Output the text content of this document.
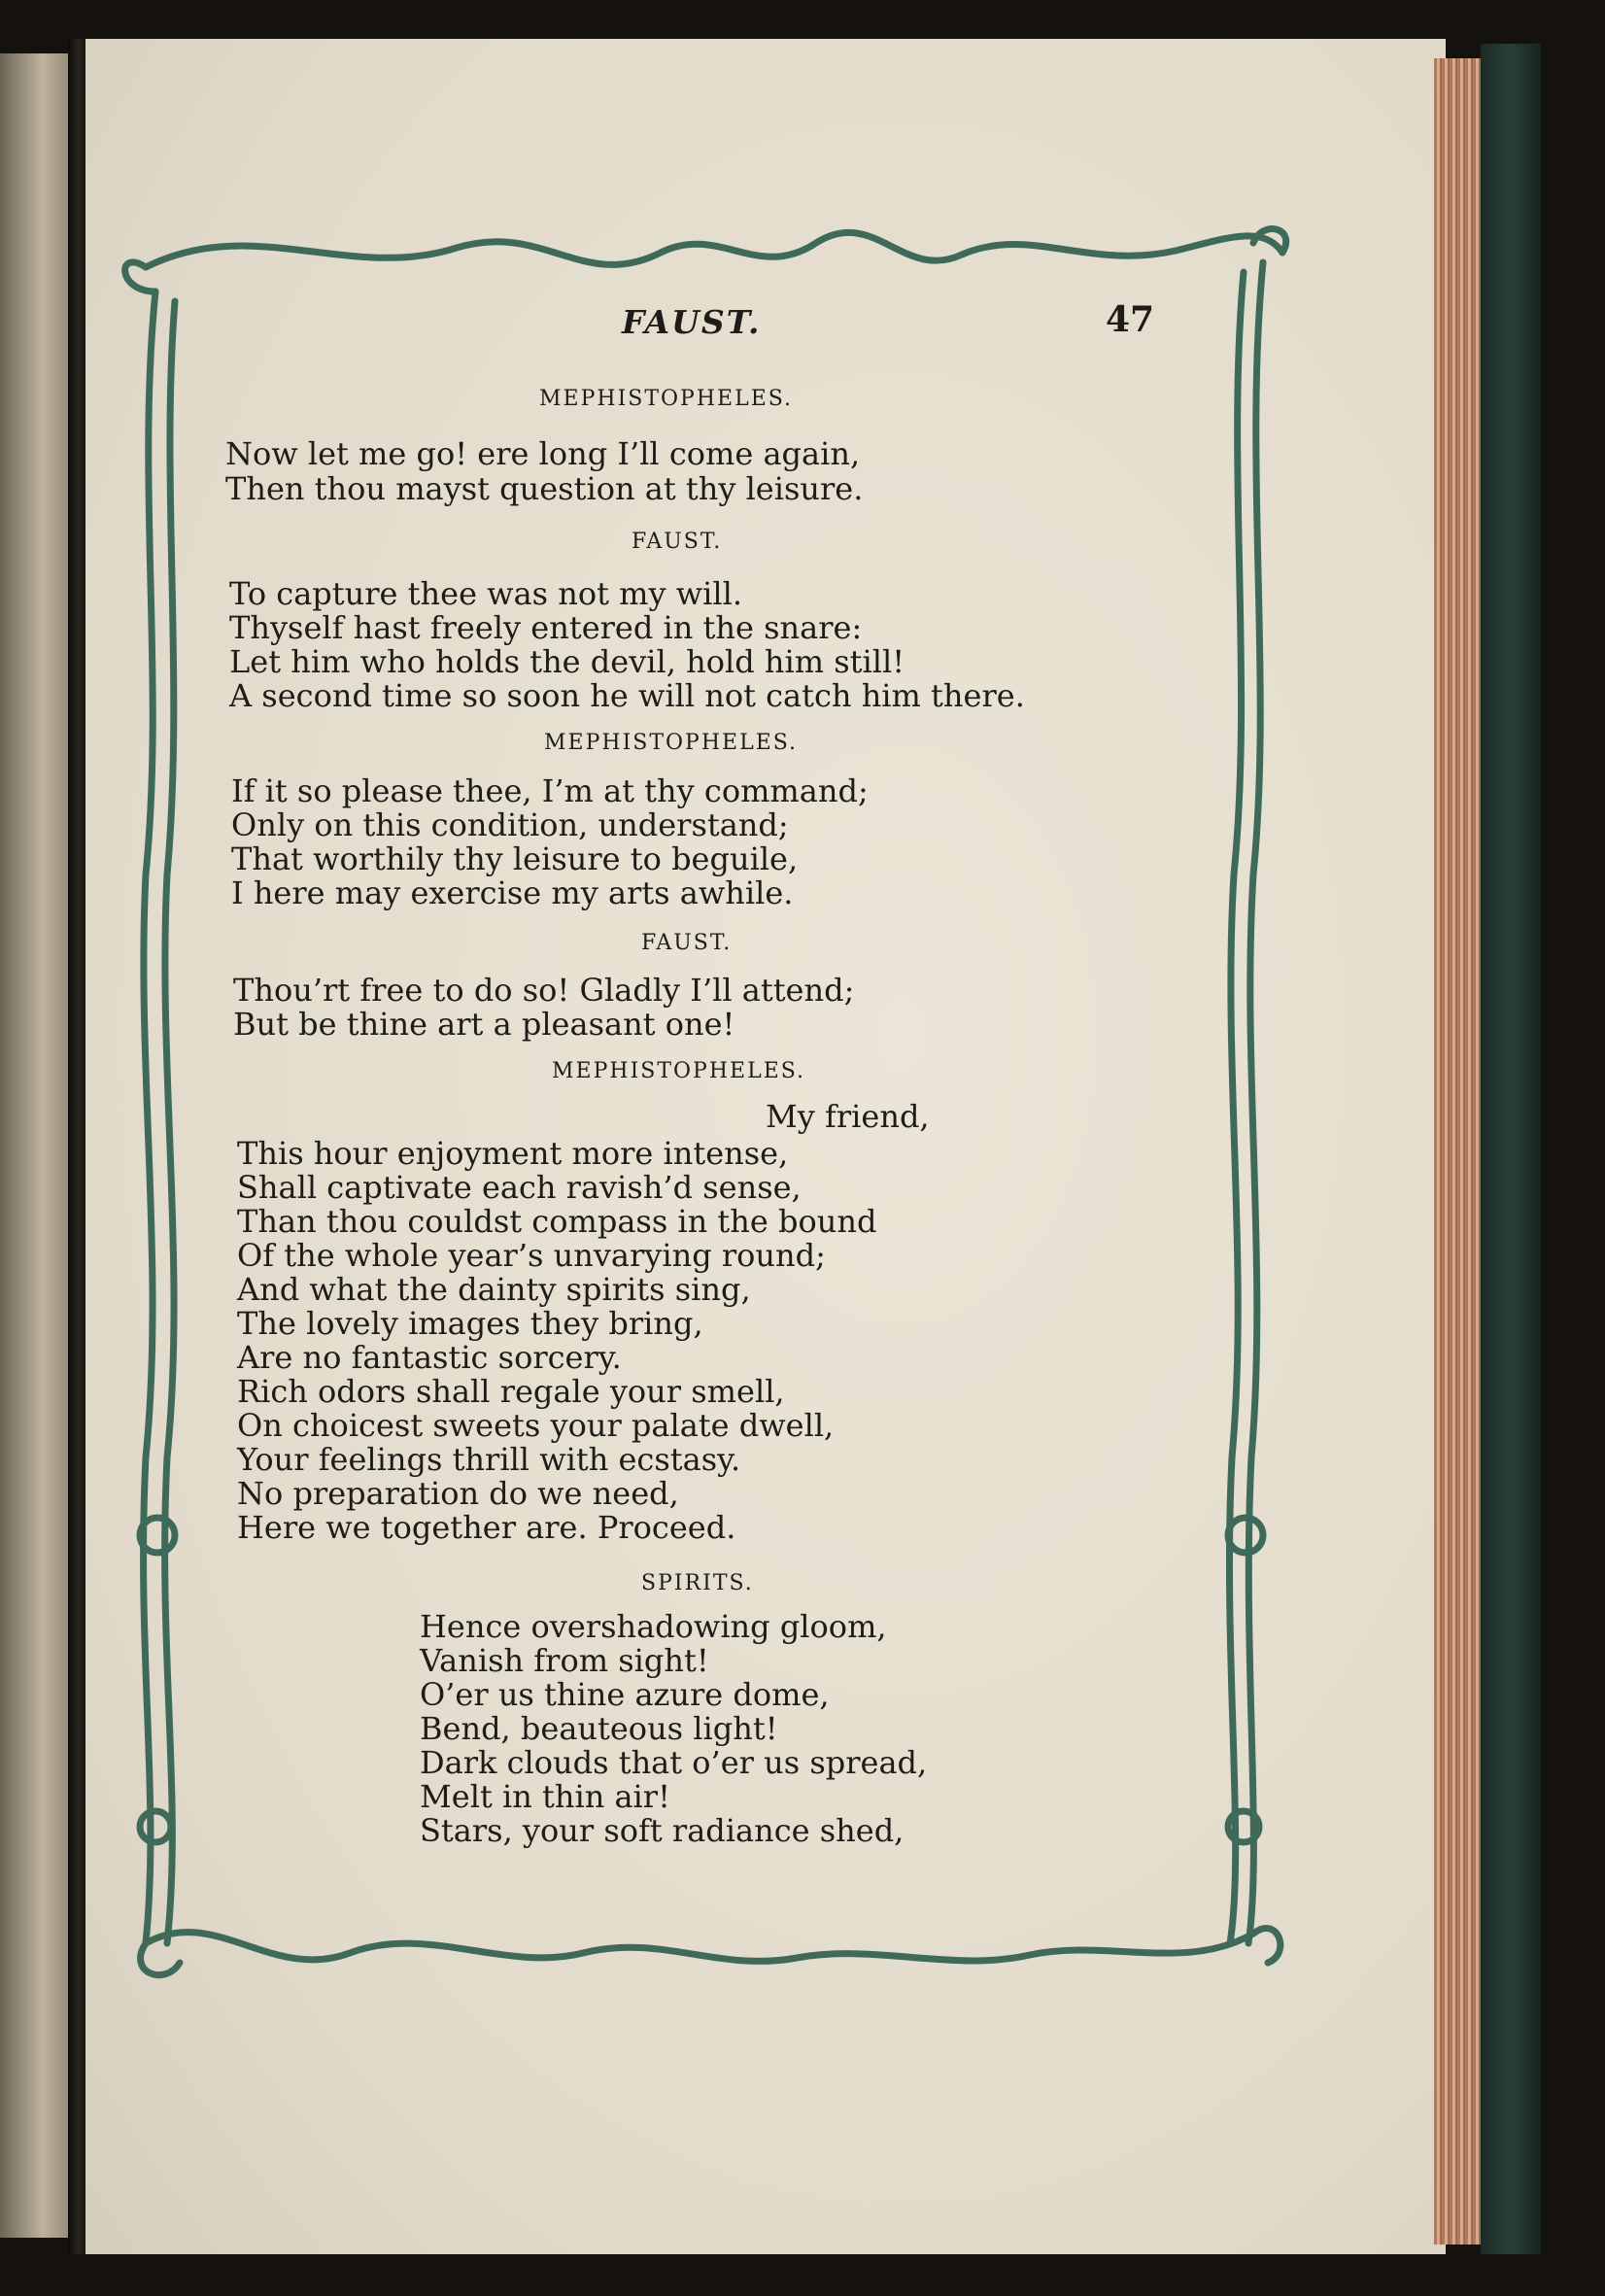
FAUST.	47
MEPHISTOPHELES.
Now let me go! ere long I’ll come again,
Then thou mayst question at thy leisure.
FAUST.
To capture thee was not my will.
Thyself hast freely entered in the snare:
Let him who holds the devil, hold him still!
A second time so soon he will not catch him there.
MEPHISTOPHELES.
If it so please thee, I’m at thy command;
Only on this condition, understand;
That worthily thy leisure to beguile,
I here may exercise my arts awhile.
FAUST.
Thou’rt free to do so! Gladly I’ll attend;
But be thine art a pleasant one!
MEPHISTOPHELES.
My friend,
This hour enjoyment more intense,
Shall captivate each ravish’d sense,
Than thou couldst compass in the bound
Of the whole year’s unvarying round;
And what the dainty spirits sing,
The lovely images they bring,
Are no fantastic sorcery.
Rich odors shall regale your smell,
On choicest sweets your palate dwell,
Your feelings thrill with ecstasy.
No preparation do we need,
Here we together are. Proceed.
SPIRITS.
Hence overshadowing gloom,
Vanish from sight!
O’er us thine azure dome,
Bend, beauteous light!
Dark clouds that o’er us spread,
Melt in thin air!
Stars, your soft radiance shed,
